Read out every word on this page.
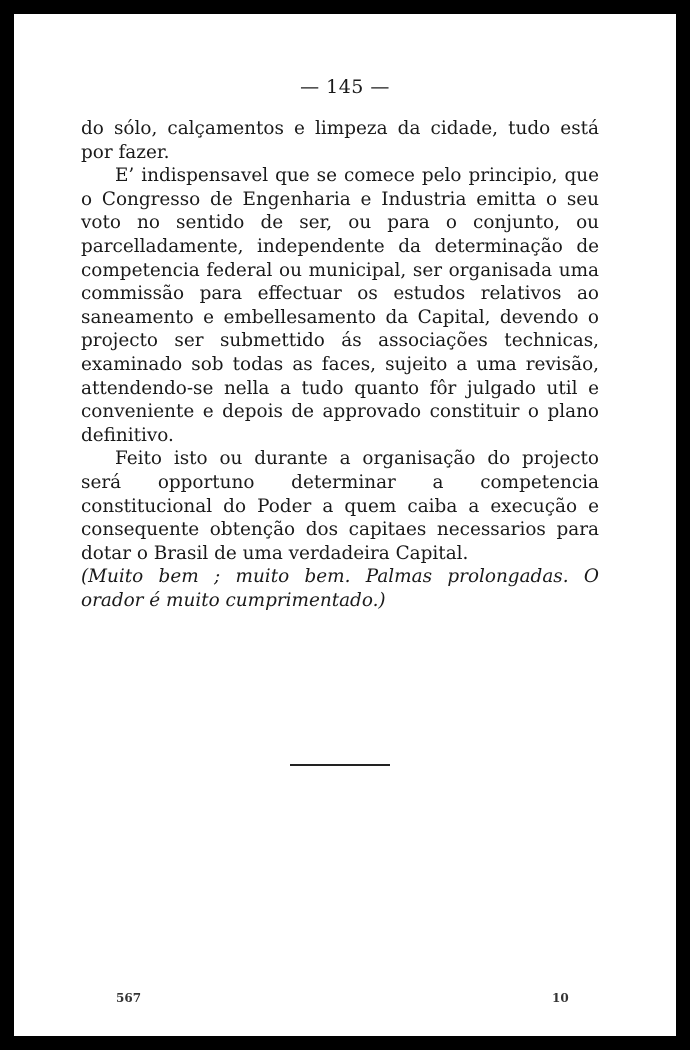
— 145 —

do sólo, calçamentos e limpeza da cidade, tudo está por fazer.

E’ indispensavel que se comece pelo principio, que o Congresso de Engenharia e Industria emitta o seu voto no sentido de ser, ou para o conjunto, ou parcelladamente, independente da determinação de competencia federal ou municipal, ser organisada uma commissão para effectuar os estudos relativos ao saneamento e embellesamento da Capital, devendo o projecto ser submettido ás associações technicas, examinado sob todas as faces, sujeito a uma revisão, attendendo-se nella a tudo quanto fôr julgado util e conveniente e depois de approvado constituir o plano definitivo.

Feito isto ou durante a organisação do projecto será opportuno determinar a competencia constitucional do Poder a quem caiba a execução e consequente obtenção dos capitaes necessarios para dotar o Brasil de uma verdadeira Capital.

(Muito bem ; muito bem. Palmas prolongadas. O orador é muito cumprimentado.)

567	10
